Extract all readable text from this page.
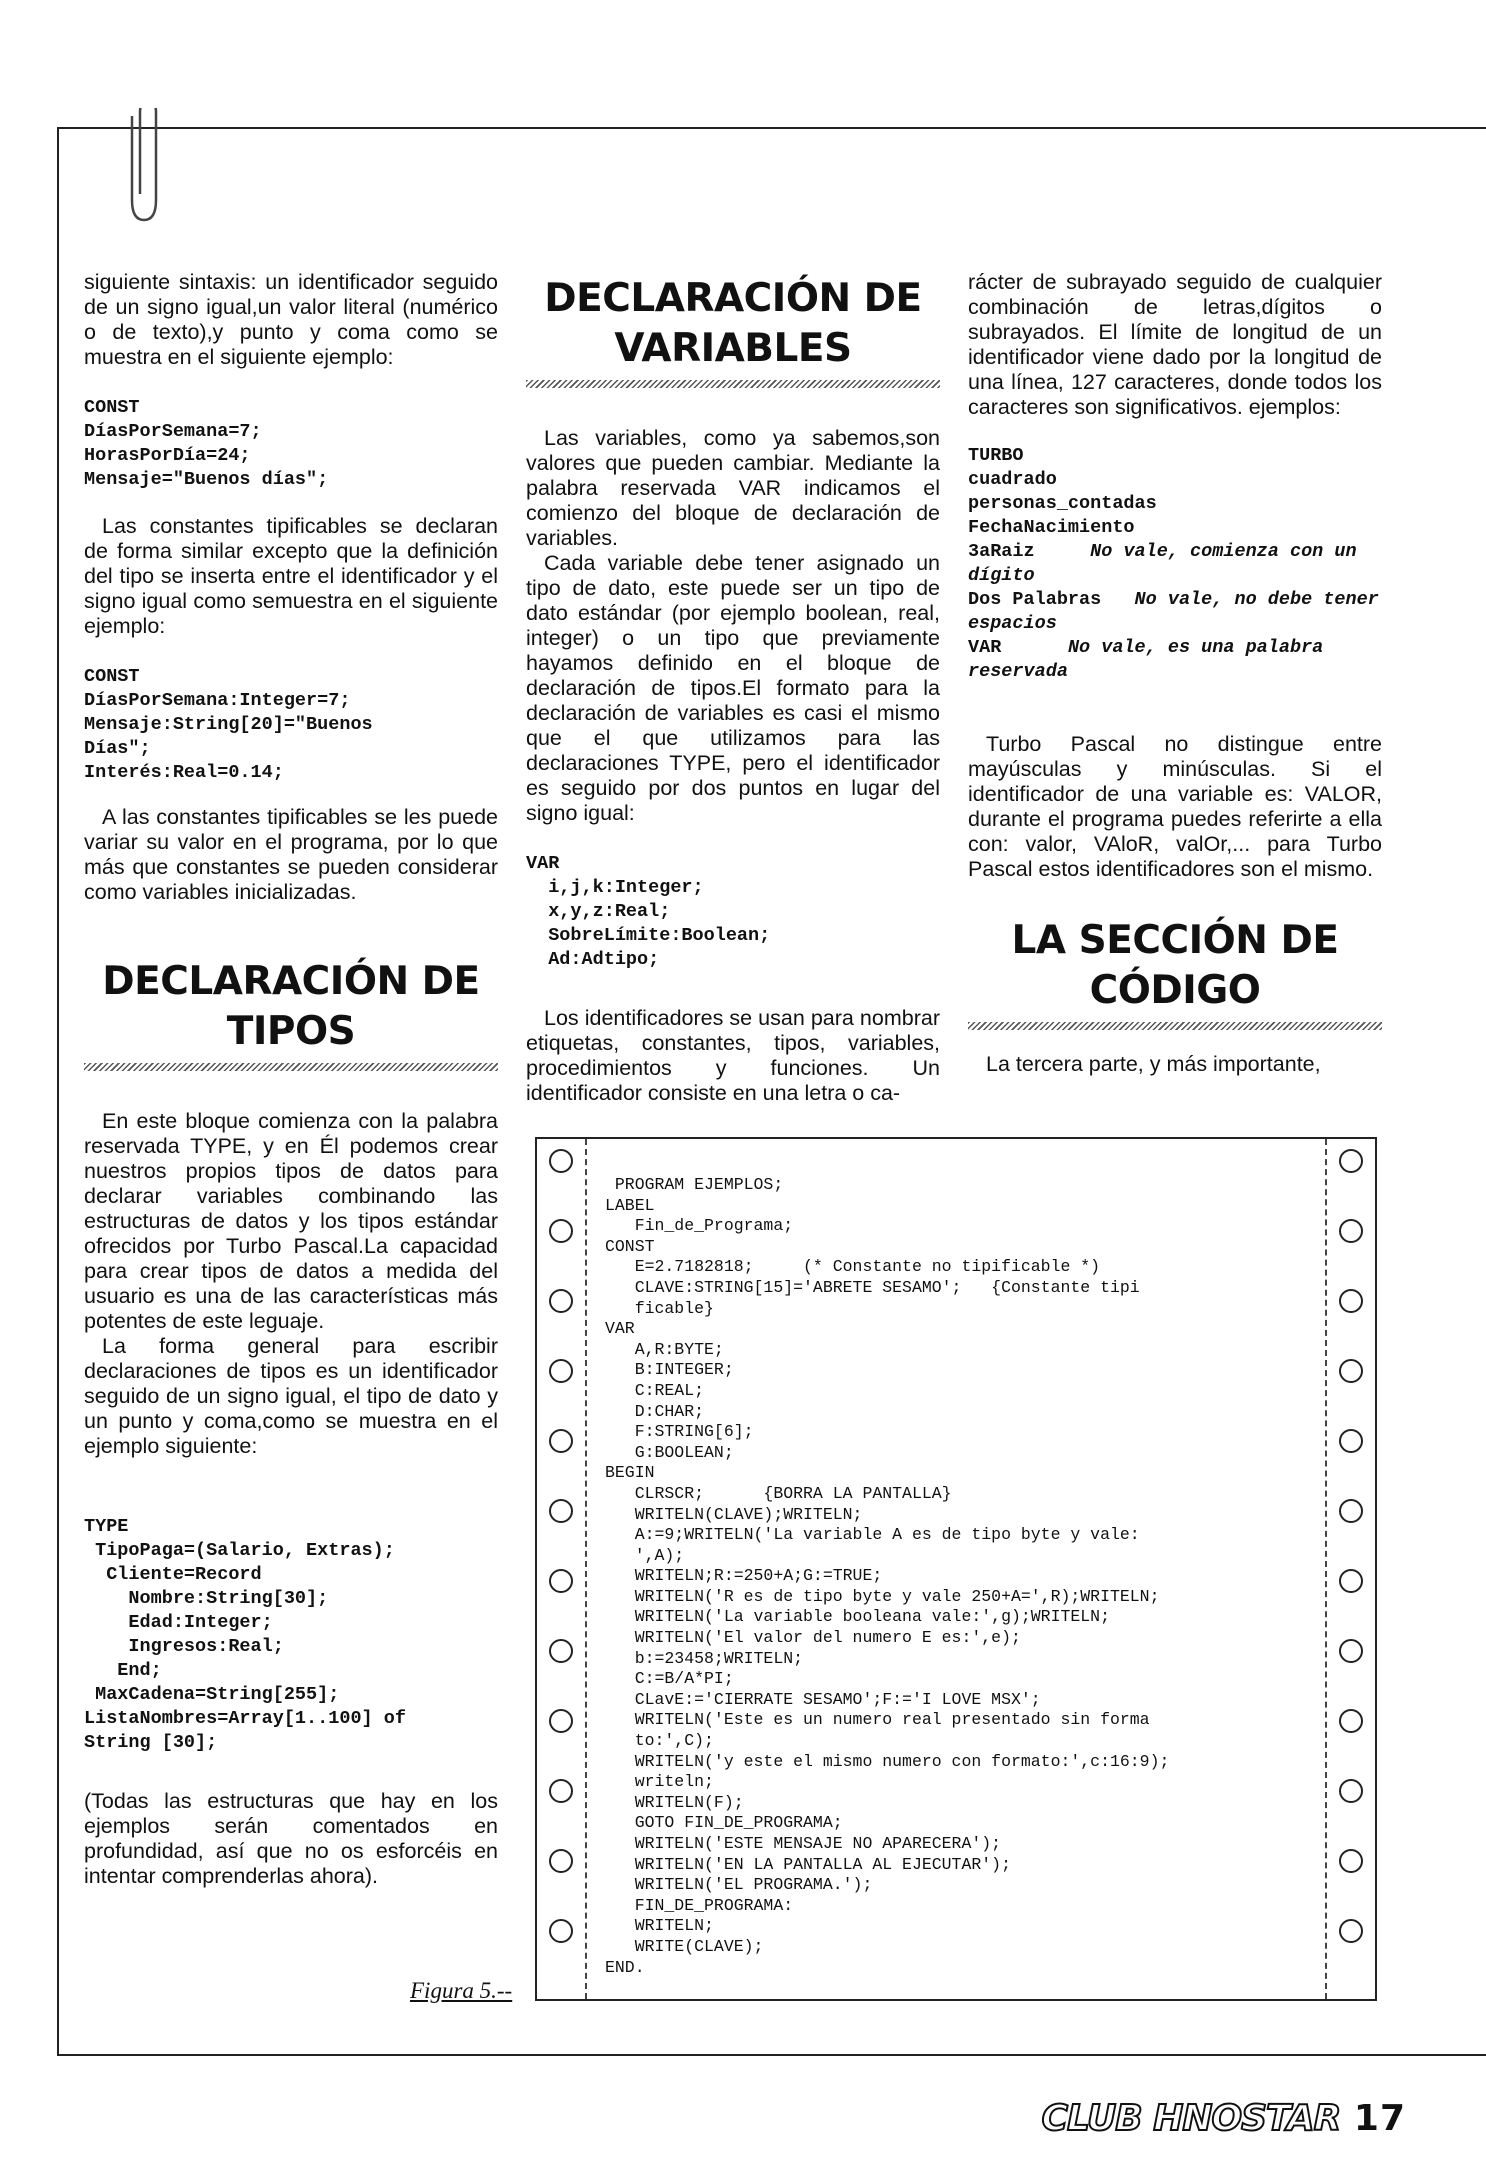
siguiente sintaxis: un identificador seguido de un signo igual,un valor literal (numérico o de texto),y punto y coma como se muestra en el siguiente ejemplo:

CONST
DíasPorSemana=7;
HorasPorDía=24;
Mensaje="Buenos días";

Las constantes tipificables se declaran de forma similar excepto que la definición del tipo se inserta entre el identificador y el signo igual como semuestra en el siguiente ejemplo:

CONST
DíasPorSemana:Integer=7;
Mensaje:String[20]="Buenos
Días";
Interés:Real=0.14;

A las constantes tipificables se les puede variar su valor en el programa, por lo que más que constantes se pueden considerar como variables inicializadas.

DECLARACIÓN DE

TIPOS

En este bloque comienza con la palabra reservada TYPE, y en Él podemos crear nuestros propios tipos de datos para declarar variables combinando las estructuras de datos y los tipos estándar ofrecidos por Turbo Pascal.La capacidad para crear tipos de datos a medida del usuario es una de las características más potentes de este leguaje.

La forma general para escribir declaraciones de tipos es un identificador seguido de un signo igual, el tipo de dato y un punto y coma,como se muestra en el ejemplo siguiente:

TYPE
TipoPaga=(Salario, Extras);
Cliente=Record
Nombre:String[30];
Edad:Integer;
Ingresos:Real;
End;
MaxCadena=String[255];
ListaNombres=Array[1..100] of
String [30];

(Todas las estructuras que hay en los ejemplos serán comentados en profundidad, así que no os esforcéis en intentar comprenderlas ahora).

DECLARACIÓN DE

VARIABLES

Las variables, como ya sabemos,son valores que pueden cambiar. Mediante la palabra reservada VAR indicamos el comienzo del bloque de declaración de variables.

Cada variable debe tener asignado un tipo de dato, este puede ser un tipo de dato estándar (por ejemplo boolean, real, integer) o un tipo que previamente hayamos definido en el bloque de declaración de tipos.El formato para la declaración de variables es casi el mismo que el que utilizamos para las declaraciones TYPE, pero el identificador es seguido por dos puntos en lugar del signo igual:

VAR
i,j,k:Integer;
x,y,z:Real;
SobreLímite:Boolean;
Ad:Adtipo;

Los identificadores se usan para nombrar etiquetas, constantes, tipos, variables, procedimientos y funciones. Un identificador consiste en una letra o ca-

rácter de subrayado seguido de cualquier combinación de letras,dígitos o subrayados. El límite de longitud de un identificador viene dado por la longitud de una línea, 127 caracteres, donde todos los caracteres son significativos. ejemplos:

TURBO
cuadrado
personas_contadas
FechaNacimiento
3aRaiz	No vale, comienza con un dígito
Dos Palabras No vale, no debe tener espacios
VAR	No vale, es una palabra reservada

Turbo Pascal no distingue entre mayúsculas y minúsculas. Si el identificador de una variable es: VALOR, durante el programa puedes referirte a ella con: valor, VAloR, valOr,... para Turbo Pascal estos identificadores son el mismo.

LA SECCIÓN DE

CÓDIGO

La tercera parte, y más importante,

PROGRAM EJEMPLOS;
LABEL
Fin_de_Programa;
CONST
E=2.7182818;     (* Constante no tipificable *)
CLAVE:STRING[15]='ABRETE SESAMO';   {Constante tipi
ficable}
VAR
A,R:BYTE;
B:INTEGER;
C:REAL;
D:CHAR;
F:STRING[6];
G:BOOLEAN;
BEGIN
CLRSCR;      {BORRA LA PANTALLA}
WRITELN(CLAVE);WRITELN;
A:=9;WRITELN('La variable A es de tipo byte y vale:
',A);
WRITELN;R:=250+A;G:=TRUE;
WRITELN('R es de tipo byte y vale 250+A=',R);WRITELN;
WRITELN('La variable booleana vale:',g);WRITELN;
WRITELN('El valor del numero E es:',e);
b:=23458;WRITELN;
C:=B/A*PI;
CLavE:='CIERRATE SESAMO';F:='I LOVE MSX';
WRITELN('Este es un numero real presentado sin forma
to:',C);
WRITELN('y este el mismo numero con formato:',c:16:9);
writeln;
WRITELN(F);
GOTO FIN_DE_PROGRAMA;
WRITELN('ESTE MENSAJE NO APARECERA');
WRITELN('EN LA PANTALLA AL EJECUTAR');
WRITELN('EL PROGRAMA.');
FIN_DE_PROGRAMA:
WRITELN;
WRITE(CLAVE);
END.
Figura 5.--
CLUB HNOSTAR 17
